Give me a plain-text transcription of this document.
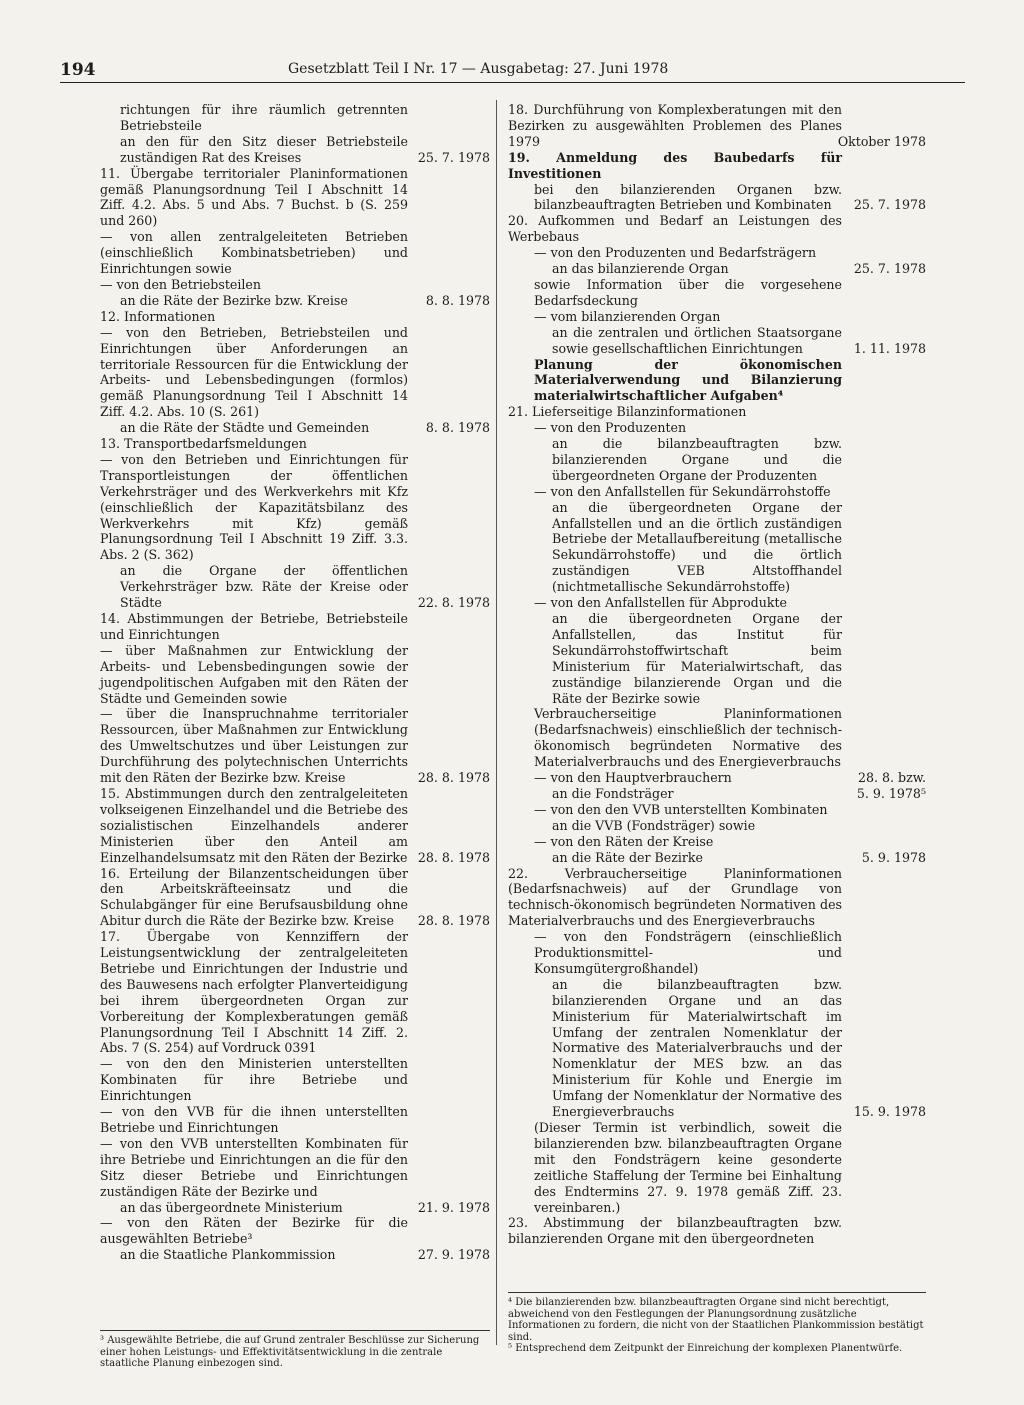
194	Gesetzblatt Teil I Nr. 17 — Ausgabetag: 27. Juni 1978
richtungen für ihre räumlich getrennten Betriebsteile
an den für den Sitz dieser Betriebsteile zuständigen Rat des Kreises	25. 7. 1978
11. Übergabe territorialer Planinformationen gemäß Planungsordnung Teil I Abschnitt 14 Ziff. 4.2. Abs. 5 und Abs. 7 Buchst. b (S. 259 und 260)
— von allen zentralgeleiteten Betrieben (einschließlich Kombinatsbetrieben) und Einrichtungen sowie
— von den Betriebsteilen
an die Räte der Bezirke bzw. Kreise	8. 8. 1978
12. Informationen
— von den Betrieben, Betriebsteilen und Einrichtungen über Anforderungen an territoriale Ressourcen für die Entwicklung der Arbeits- und Lebensbedingungen (formlos) gemäß Planungsordnung Teil I Abschnitt 14 Ziff. 4.2. Abs. 10 (S. 261)
an die Räte der Städte und Gemeinden	8. 8. 1978
13. Transportbedarfsmeldungen
— von den Betrieben und Einrichtungen für Transportleistungen der öffentlichen Verkehrsträger und des Werkverkehrs mit Kfz (einschließlich der Kapazitätsbilanz des Werkverkehrs mit Kfz) gemäß Planungsordnung Teil I Abschnitt 19 Ziff. 3.3. Abs. 2 (S. 362)
an die Organe der öffentlichen Verkehrsträger bzw. Räte der Kreise oder Städte	22. 8. 1978
14. Abstimmungen der Betriebe, Betriebsteile und Einrichtungen
— über Maßnahmen zur Entwicklung der Arbeits- und Lebensbedingungen sowie der jugendpolitischen Aufgaben mit den Räten der Städte und Gemeinden sowie
— über die Inanspruchnahme territorialer Ressourcen, über Maßnahmen zur Entwicklung des Umweltschutzes und über Leistungen zur Durchführung des polytechnischen Unterrichts mit den Räten der Bezirke bzw. Kreise	28. 8. 1978
15. Abstimmungen durch den zentralgeleiteten volkseigenen Einzelhandel und die Betriebe des sozialistischen Einzelhandels anderer Ministerien über den Anteil am Einzelhandelsumsatz mit den Räten der Bezirke 28. 8. 1978
16. Erteilung der Bilanzentscheidungen über den Arbeitskräfteeinsatz und die Schulabgänger für eine Berufsausbildung ohne Abitur durch die Räte der Bezirke bzw. Kreise	28. 8. 1978
17. Übergabe von Kennziffern der Leistungsentwicklung der zentralgeleiteten Betriebe und Einrichtungen der Industrie und des Bauwesens nach erfolgter Planverteidigung bei ihrem übergeordneten Organ zur Vorbereitung der Komplexberatungen gemäß Planungsordnung Teil I Abschnitt 14 Ziff. 2. Abs. 7 (S. 254) auf Vordruck 0391
— von den den Ministerien unterstellten Kombinaten für ihre Betriebe und Einrichtungen
— von den VVB für die ihnen unterstellten Betriebe und Einrichtungen
— von den VVB unterstellten Kombinaten für ihre Betriebe und Einrichtungen an die für den Sitz dieser Betriebe und Einrichtungen zuständigen Räte der Bezirke und
an das übergeordnete Ministerium	21. 9. 1978
— von den Räten der Bezirke für die ausgewählten Betriebe³
an die Staatliche Plankommission	27. 9. 1978
18. Durchführung von Komplexberatungen mit den Bezirken zu ausgewählten Problemen des Planes 1979	Oktober 1978
19. Anmeldung des Baubedarfs für Investitionen
bei den bilanzierenden Organen bzw. bilanzbeauftragten Betrieben und Kombinaten	25. 7. 1978
20. Aufkommen und Bedarf an Leistungen des Werbebaus
— von den Produzenten und Bedarfsträgern
an das bilanzierende Organ	25. 7. 1978
sowie Information über die vorgesehene Bedarfsdeckung
— vom bilanzierenden Organ
an die zentralen und örtlichen Staatsorgane sowie gesellschaftlichen Einrichtungen	1. 11. 1978
Planung der ökonomischen Materialverwendung und Bilanzierung materialwirtschaftlicher Aufgaben⁴
21. Lieferseitige Bilanzinformationen
— von den Produzenten
an die bilanzbeauftragten bzw. bilanzierenden Organe und die übergeordneten Organe der Produzenten
— von den Anfallstellen für Sekundärrohstoffe
an die übergeordneten Organe der Anfallstellen und an die örtlich zuständigen Betriebe der Metallaufbereitung (metallische Sekundärrohstoffe) und die örtlich zuständigen VEB Altstoffhandel (nichtmetallische Sekundärrohstoffe)
— von den Anfallstellen für Abprodukte
an die übergeordneten Organe der Anfallstellen, das Institut für Sekundärrohstoffwirtschaft beim Ministerium für Materialwirtschaft, das zuständige bilanzierende Organ und die Räte der Bezirke sowie
Verbraucherseitige Planinformationen (Bedarfsnachweis) einschließlich der technisch-ökonomisch begründeten Normative des Materialverbrauchs und des Energieverbrauchs
— von den Hauptverbrauchern	28. 8. bzw.
an die Fondsträger	5. 9. 1978⁵
— von den den VVB unterstellten Kombinaten
an die VVB (Fondsträger) sowie
— von den Räten der Kreise
an die Räte der Bezirke	5. 9. 1978
22. Verbraucherseitige Planinformationen (Bedarfsnachweis) auf der Grundlage von technisch-ökonomisch begründeten Normativen des Materialverbrauchs und des Energieverbrauchs
— von den Fondsträgern (einschließlich Produktionsmittel- und Konsumgütergroßhandel)
an die bilanzbeauftragten bzw. bilanzierenden Organe und an das Ministerium für Materialwirtschaft im Umfang der zentralen Nomenklatur der Normative des Materialverbrauchs und der Nomenklatur der MES bzw. an das Ministerium für Kohle und Energie im Umfang der Nomenklatur der Normative des Energieverbrauchs	15. 9. 1978
(Dieser Termin ist verbindlich, soweit die bilanzierenden bzw. bilanzbeauftragten Organe mit den Fondsträgern keine gesonderte zeitliche Staffelung der Termine bei Einhaltung des Endtermins 27. 9. 1978 gemäß Ziff. 23. vereinbaren.)
23. Abstimmung der bilanzbeauftragten bzw. bilanzierenden Organe mit den übergeordneten

³ Ausgewählte Betriebe, die auf Grund zentraler Beschlüsse zur Sicherung einer hohen Leistungs- und Effektivitätsentwicklung in die zentrale staatliche Planung einbezogen sind.

⁴ Die bilanzierenden bzw. bilanzbeauftragten Organe sind nicht berechtigt, abweichend von den Festlegungen der Planungsordnung zusätzliche Informationen zu fordern, die nicht von der Staatlichen Plankommission bestätigt sind.

⁵ Entsprechend dem Zeitpunkt der Einreichung der komplexen Planentwürfe.
